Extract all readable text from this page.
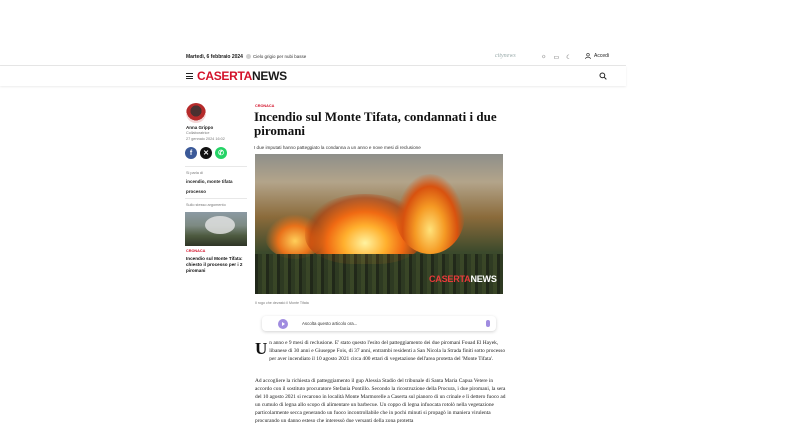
Martedì, 6 febbraio 2024 Cielo grigio per nubi basse	citynews	☼ ▭ ☾	Accedi
CASERTANEWS
Anna Grippo
Collaboratrice
27 gennaio 2024 16:02
f ✕ ✆
Si parla di
incendio, monte tifata
processo
Sullo stesso argomento
CRONACA
Incendio sul Monte Tifata: chiesto il processo per i 2 piromani
CRONACA
Incendio sul Monte Tifata, condannati i due piromani
I due imputati hanno patteggiato la condanna a un anno e nove mesi di reclusione
CASERTANEWS
Il rogo che devastò il Monte Tifata
Ascolta questo articolo ora...
Un anno e 9 mesi di reclusione. E' stato questo l'esito del patteggiamento dei due piromani Fouad El Hayek, libanese di 30 anni e Giuseppe Fois, di 37 anni, entrambi residenti a San Nicola la Strada finiti sotto processo per aver incendiato il 10 agosto 2021 circa 400 ettari di vegetazione dell'area protetta del 'Monte Tifata'.
Ad accogliere la richiesta di patteggiamento il gup Alessia Stadio del tribunale di Santa Maria Capua Vetere in accordo con il sostituto procuratore Stefania Pontillo. Secondo la ricostruzione della Procura, i due piromani, la sera del 10 agosto 2021 si recarono in località Monte Marmorelle a Caserta sul pianoro di un crinale e lì dettero fuoco ad un cumulo di legna allo scopo di alimentare un barbecue. Un coppo di legna infuocata rotolò nella vegetazione particolarmente secca generando un fuoco incontrollabile che in pochi minuti si propagò in maniera virulenta procurando un danno esteso che interessò due versanti della zona protetta
